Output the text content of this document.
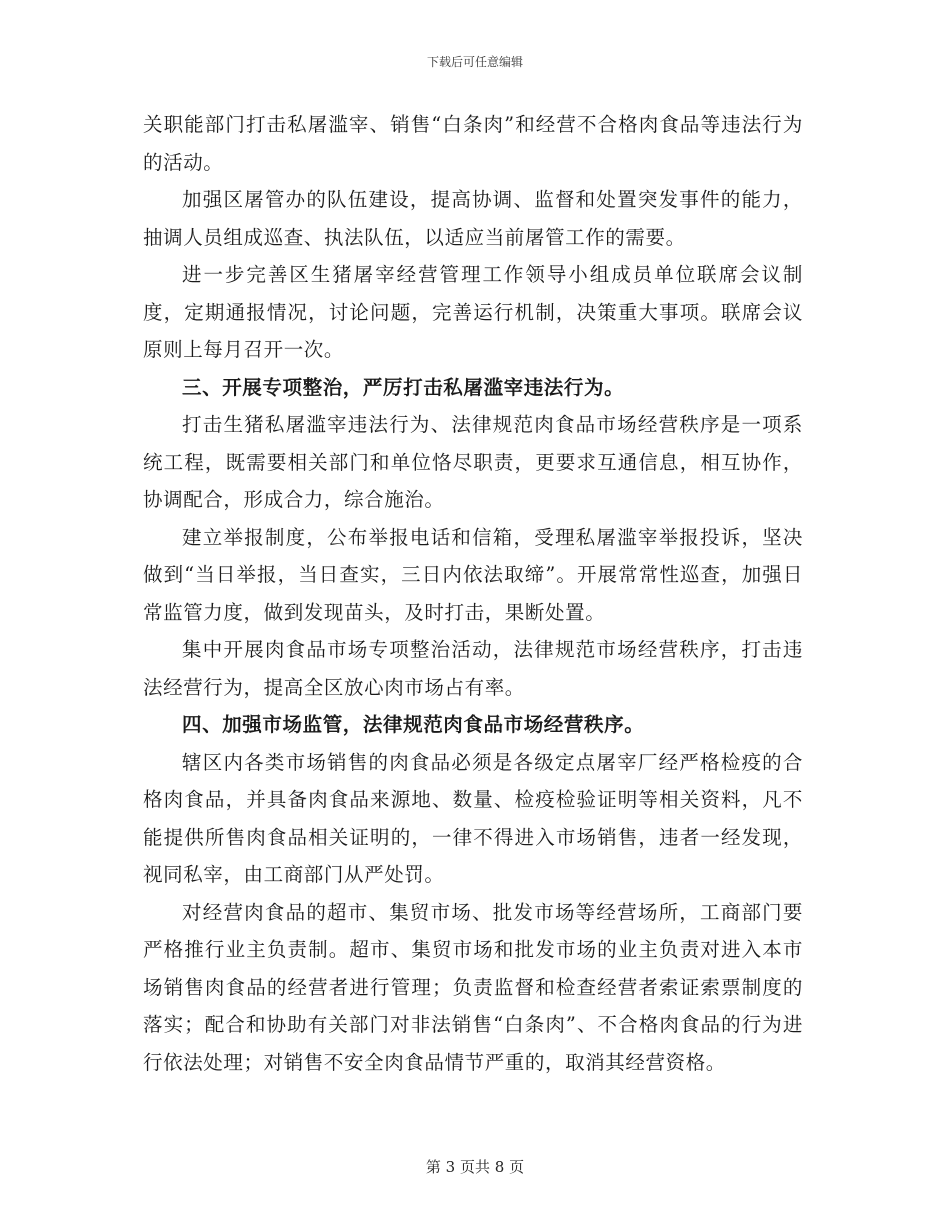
下载后可任意编辑

关职能部门打击私屠滥宰、销售“白条肉”和经营不合格肉食品等违法行为的活动。

加强区屠管办的队伍建设，提高协调、监督和处置突发事件的能力，抽调人员组成巡查、执法队伍，以适应当前屠管工作的需要。

进一步完善区生猪屠宰经营管理工作领导小组成员单位联席会议制度，定期通报情况，讨论问题，完善运行机制，决策重大事项。联席会议原则上每月召开一次。

三、开展专项整治，严厉打击私屠滥宰违法行为。

打击生猪私屠滥宰违法行为、法律规范肉食品市场经营秩序是一项系统工程，既需要相关部门和单位恪尽职责，更要求互通信息，相互协作，协调配合，形成合力，综合施治。

建立举报制度，公布举报电话和信箱，受理私屠滥宰举报投诉，坚决做到“当日举报，当日查实，三日内依法取缔”。开展常常性巡查，加强日常监管力度，做到发现苗头，及时打击，果断处置。

集中开展肉食品市场专项整治活动，法律规范市场经营秩序，打击违法经营行为，提高全区放心肉市场占有率。

四、加强市场监管，法律规范肉食品市场经营秩序。

辖区内各类市场销售的肉食品必须是各级定点屠宰厂经严格检疫的合格肉食品，并具备肉食品来源地、数量、检疫检验证明等相关资料，凡不能提供所售肉食品相关证明的，一律不得进入市场销售，违者一经发现，视同私宰，由工商部门从严处罚。

对经营肉食品的超市、集贸市场、批发市场等经营场所，工商部门要严格推行业主负责制。超市、集贸市场和批发市场的业主负责对进入本市场销售肉食品的经营者进行管理；负责监督和检查经营者索证索票制度的落实；配合和协助有关部门对非法销售“白条肉”、不合格肉食品的行为进行依法处理；对销售不安全肉食品情节严重的，取消其经营资格。

第 3 页共 8 页
